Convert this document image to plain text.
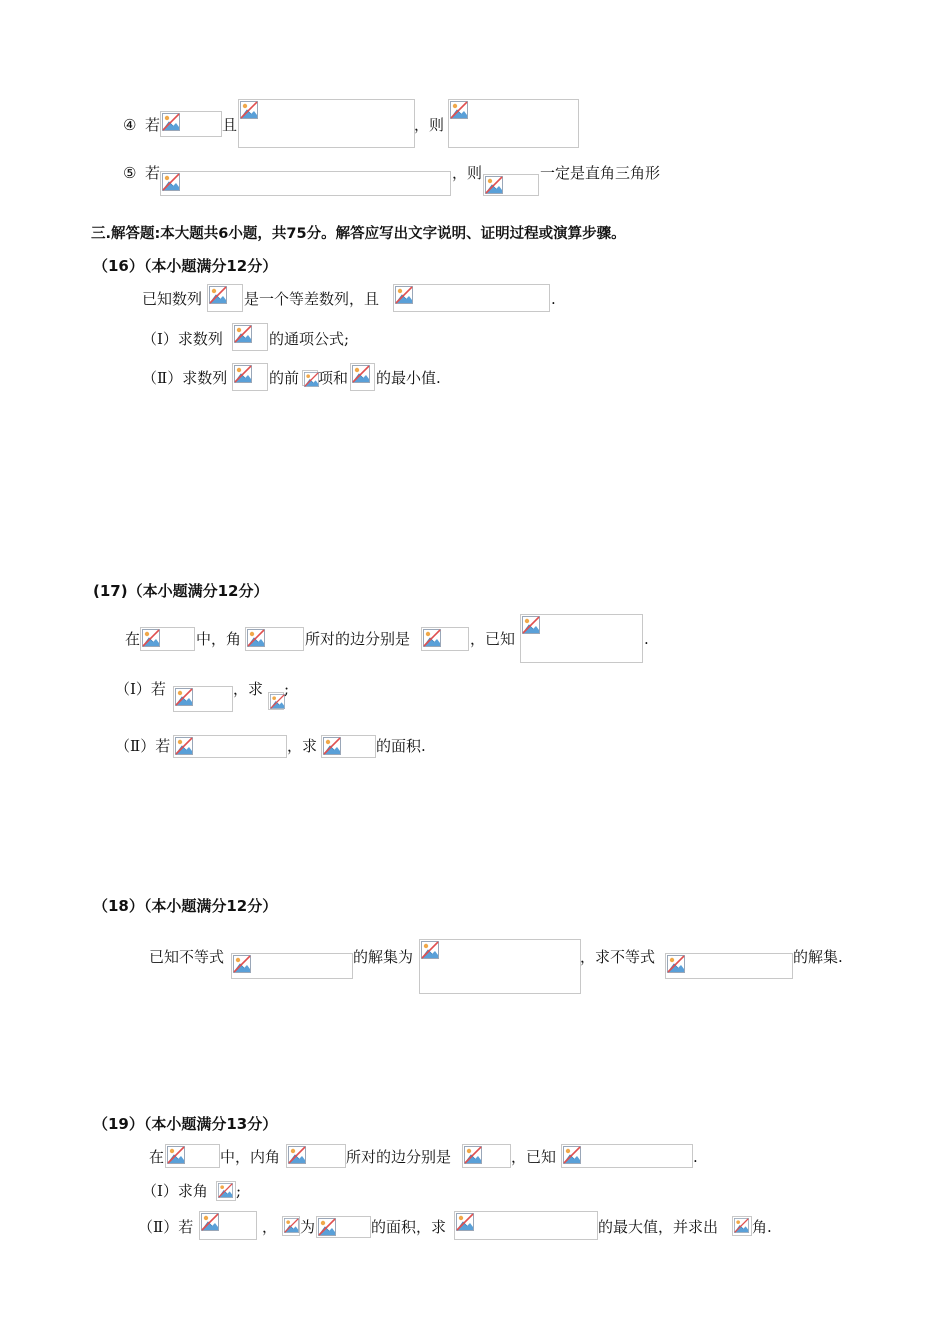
④ 若	且	，则
⑤ 若	，则	一定是直角三角形
三.解答题:本大题共6小题，共75分。解答应写出文字说明、证明过程或演算步骤。
（16）（本小题满分12分）
已知数列	是一个等差数列，且	.
（Ⅰ）求数列	的通项公式;
（Ⅱ）求数列	的前 项和 的最小值.
(17)（本小题满分12分）
在	中，角	所对的边分别是	，已知	.
（Ⅰ）若	，求 ;
（Ⅱ）若	，求	的面积.
（18）（本小题满分12分）
已知不等式	的解集为	，求不等式	的解集.
（19）（本小题满分13分）
在	中，内角	所对的边分别是	，已知	.
（Ⅰ）求角 ;
（Ⅱ）若	， 为	的面积，求	的最大值，并求出 角.
